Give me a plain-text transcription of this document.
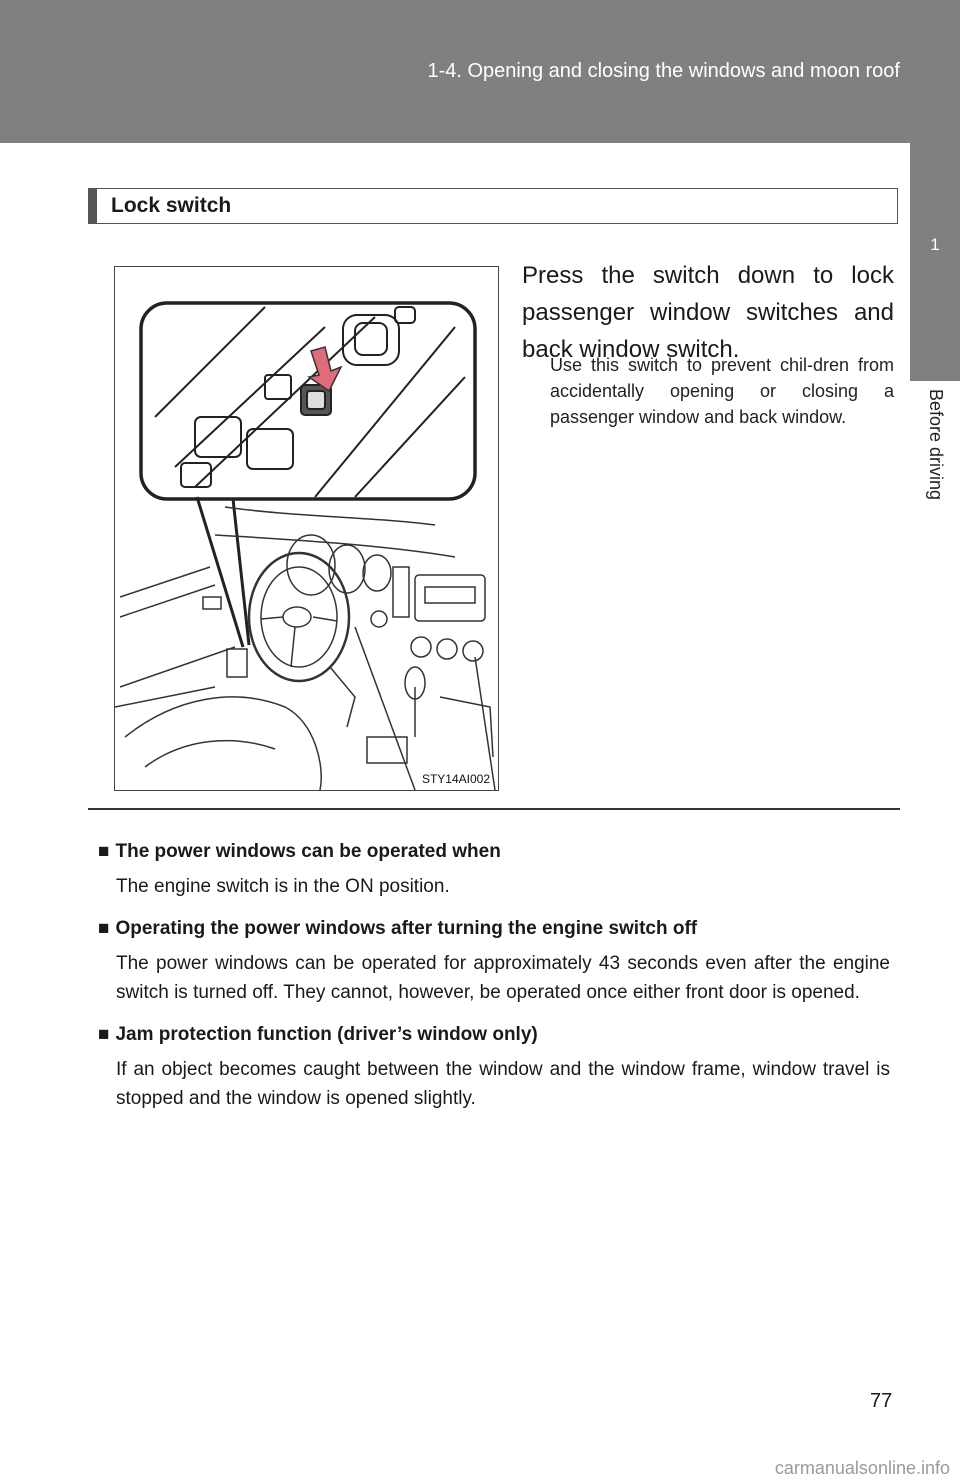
1-4. Opening and closing the windows and moon roof
1
Before driving
Lock switch
STY14AI002
Press the switch down to lock passenger window switches and back window switch.
Use this switch to prevent chil-dren from accidentally opening or closing a passenger window and back window.
■ The power windows can be operated when
The engine switch is in the ON position.
■ Operating the power windows after turning the engine switch off
The power windows can be operated for approximately 43 seconds even after the engine switch is turned off. They cannot, however, be operated once either front door is opened.
■ Jam protection function (driver’s window only)
If an object becomes caught between the window and the window frame, window travel is stopped and the window is opened slightly.
77
carmanualsonline.info
